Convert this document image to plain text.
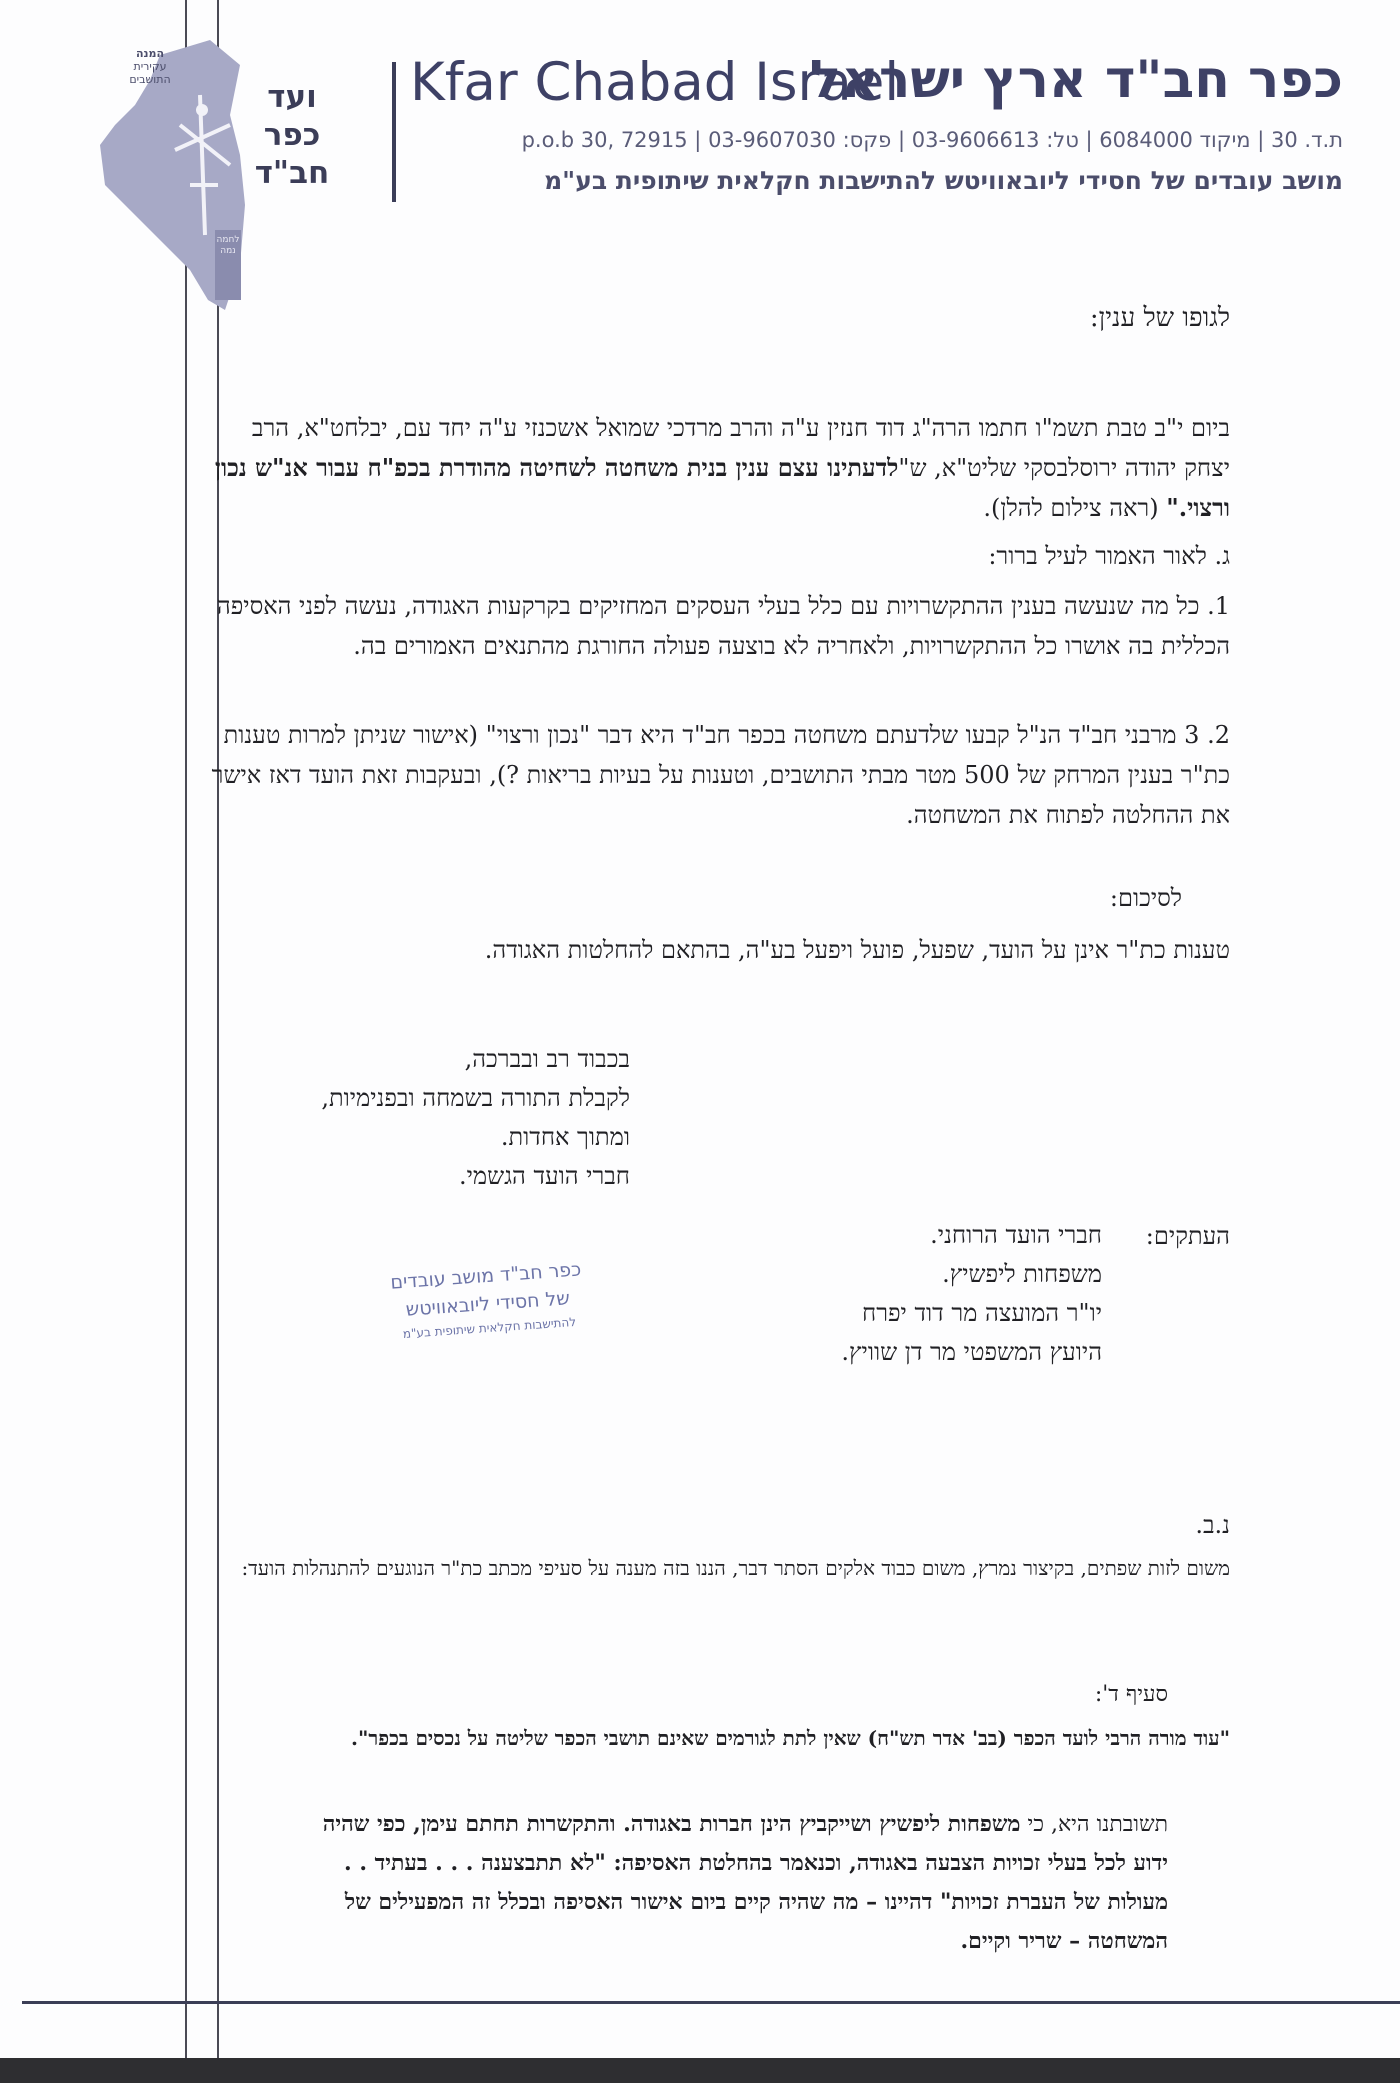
המנה
עקירית
התושבים
לחמה
נמה
ועד
כפר
חב"ד
Kfar Chabad Israel
כפר חב"ד ארץ ישראל
ת.ד. 30 | מיקוד 6084000 | טל: 03-9606613 | פקס: 03-9607030 | p.o.b 30, 72915
מושב עובדים של חסידי ליובאוויטש להתישבות חקלאית שיתופית בע"מ
לגופו של ענין:
ביום י"ב טבת תשמ"ו חתמו הרה"ג דוד חנזין ע"ה והרב מרדכי שמואל אשכנזי ע"ה יחד עם, יבלחט"א, הרב יצחק יהודה ירוסלבסקי שליט"א, ש"לדעתינו עצם ענין בנית משחטה לשחיטה מהודרת בכפ"ח עבור אנ"ש נכון ורצוי." (ראה צילום להלן).
ג. לאור האמור לעיל ברור:
1. כל מה שנעשה בענין ההתקשרויות עם כלל בעלי העסקים המחזיקים בקרקעות האגודה, נעשה לפני האסיפה הכללית בה אושרו כל ההתקשרויות, ולאחריה לא בוצעה פעולה החורגת מהתנאים האמורים בה.
2. 3 מרבני חב"ד הנ"ל קבעו שלדעתם משחטה בכפר חב"ד היא דבר "נכון ורצוי" (אישור שניתן למרות טענות כת"ר בענין המרחק של 500 מטר מבתי התושבים, וטענות על בעיות בריאות ?), ובעקבות זאת הועד דאז אישר את ההחלטה לפתוח את המשחטה.
לסיכום:
טענות כת"ר אינן על הועד, שפעל, פועל ויפעל בע"ה, בהתאם להחלטות האגודה.
בכבוד רב ובברכה,
לקבלת התורה בשמחה ובפנימיות,
ומתוך אחדות.
חברי הועד הגשמי.
העתקים:
חברי הועד הרוחני.
משפחות ליפשיץ.
יו"ר המועצה מר דוד יפרח
היועץ המשפטי מר דן שוויץ.
כפר חב"ד מושב עובדים
של חסידי ליובאוויטש
להתישבות חקלאית שיתופית בע"מ
נ.ב.
משום לזות שפתים, בקיצור נמרץ, משום כבוד אלקים הסתר דבר, הננו בזה מענה על סעיפי מכתב כת"ר הנוגעים להתנהלות הועד:
סעיף ד':
"עוד מורה הרבי לועד הכפר (בב' אדר תש"ח) שאין לתת לגורמים שאינם תושבי הכפר שליטה על נכסים בכפר".
תשובתנו היא, כי משפחות ליפשיץ ושייקביץ הינן חברות באגודה. והתקשרות תחתם עימן, כפי שהיה ידוע לכל בעלי זכויות הצבעה באגודה, וכנאמר בהחלטת האסיפה: "לא תתבצענה . . . בעתיד . . מעולות של העברת זכויות" דהיינו – מה שהיה קיים ביום אישור האסיפה ובכלל זה המפעילים של המשחטה – שריר וקיים.
